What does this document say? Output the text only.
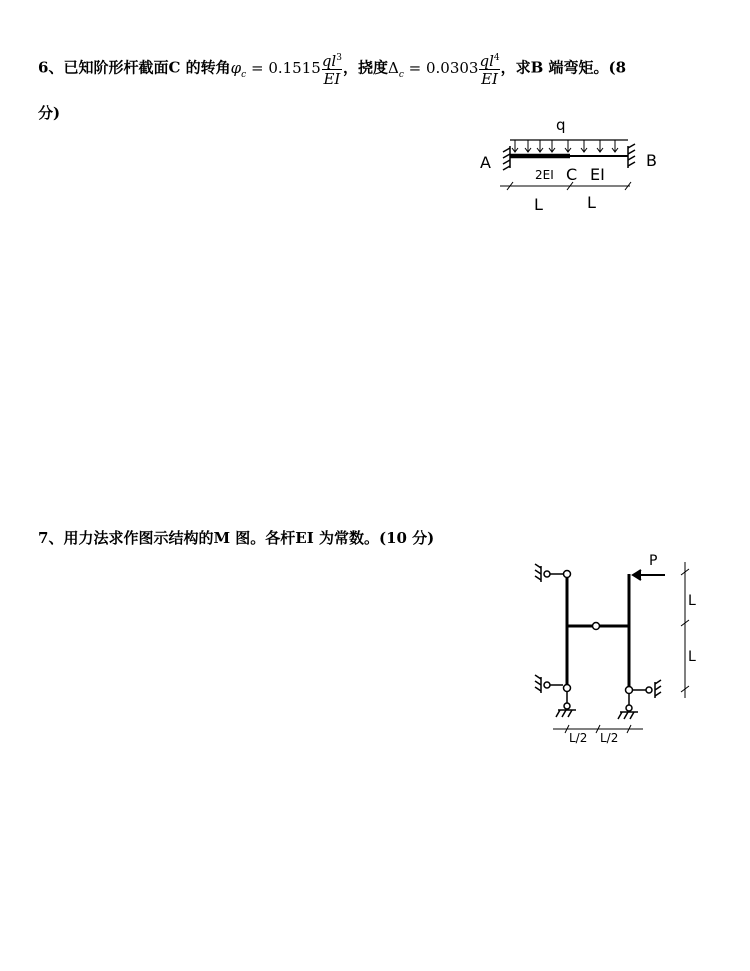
6、已知阶形杆截面C 的转角$\varphi_c = 0.1515 \frac{ql^3}{EI}$ ，挠度$\Delta_c = 0.0303 \frac{ql^4}{EI}$ ，求B 端弯矩。(8
分)
q
A	B
2EI C EI
L	L
7、用力法求作图示结构的M 图。各杆EI 为常数。(10 分)
P
L
L
L/2 L/2
